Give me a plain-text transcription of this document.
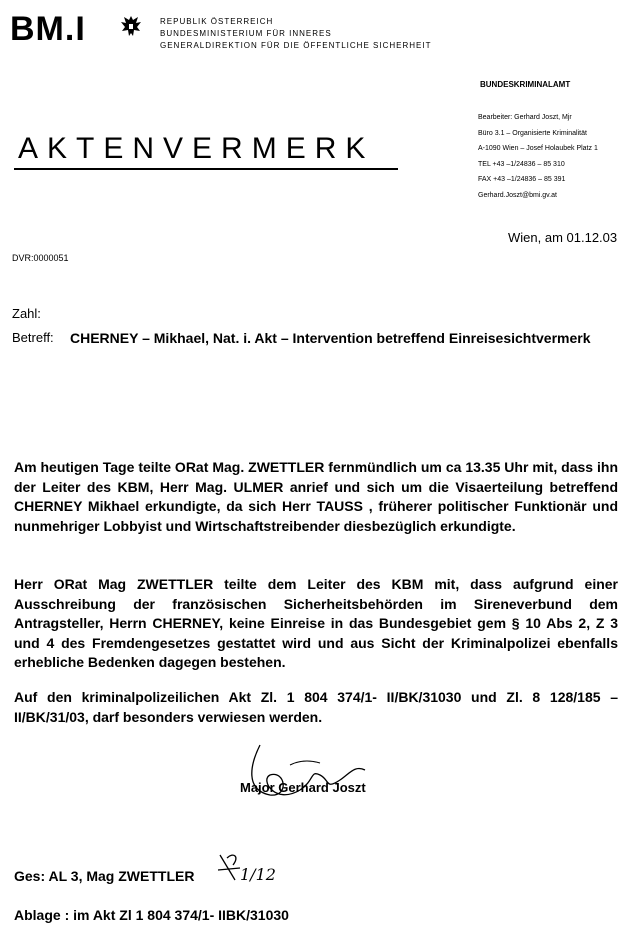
BM.I	REPUBLIK ÖSTERREICH
BUNDESMINISTERIUM FÜR INNERES
GENERALDIREKTION FÜR DIE ÖFFENTLICHE SICHERHEIT
BUNDESKRIMINALAMT
Bearbeiter: Gerhard Joszt, Mjr
Büro 3.1 – Organisierte Kriminalität
A-1090 Wien – Josef Holaubek Platz 1
TEL +43 –1/24836 – 85 310
FAX +43 –1/24836 – 85 391
Gerhard.Joszt@bmi.gv.at
AKTENVERMERK
Wien, am 01.12.03
DVR:0000051
Zahl:
Betreff: CHERNEY – Mikhael, Nat. i. Akt – Intervention betreffend Einreisesichtvermerk
Am heutigen Tage teilte ORat Mag. ZWETTLER fernmündlich um ca 13.35 Uhr mit, dass ihn der Leiter des KBM, Herr Mag. ULMER anrief und sich um die Visaerteilung betreffend CHERNEY Mikhael erkundigte, da sich Herr TAUSS , früherer politischer Funktionär und nunmehriger Lobbyist und Wirtschaftstreibender diesbezüglich erkundigte.
Herr ORat Mag ZWETTLER teilte dem Leiter des KBM mit, dass aufgrund einer Ausschreibung der französischen Sicherheitsbehörden im Sireneverbund dem Antragsteller, Herrn CHERNEY, keine Einreise in das Bundesgebiet gem § 10 Abs 2, Z 3 und 4 des Fremdengesetzes gestattet wird und aus Sicht der Kriminalpolizei ebenfalls erhebliche Bedenken dagegen bestehen.
Auf den kriminalpolizeilichen Akt Zl. 1 804 374/1- II/BK/31030 und Zl. 8 128/185 – II/BK/31/03, darf besonders verwiesen werden.
Major Gerhard Joszt
Ges: AL 3, Mag ZWETTLER	1/12
Ablage : im Akt Zl 1 804 374/1- IIBK/31030
